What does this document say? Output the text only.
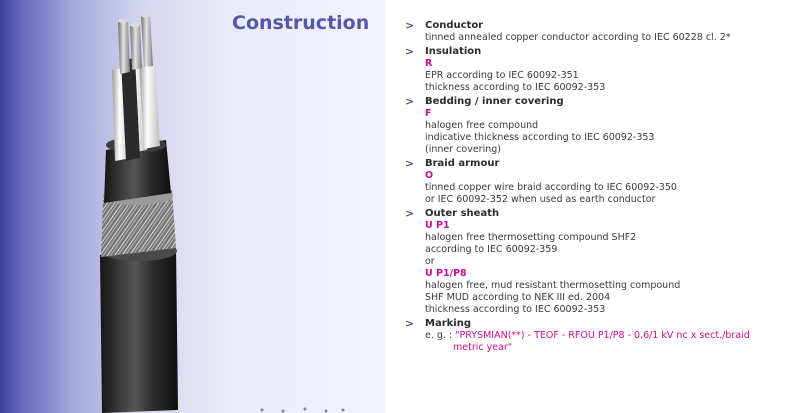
Construction	> Conductor
tinned annealed copper conductor according to IEC 60228 cl. 2*
> Insulation
R
EPR according to IEC 60092-351
thickness according to IEC 60092-353
> Bedding / inner covering
F
halogen free compound
indicative thickness according to IEC 60092-353
(inner covering)
> Braid armour
O
tinned copper wire braid according to IEC 60092-350
or IEC 60092-352 when used as earth conductor
> Outer sheath
U P1
halogen free thermosetting compound SHF2
according to IEC 60092-359
or
U P1/P8
halogen free, mud resistant thermosetting compound
SHF MUD according to NEK III ed. 2004
thickness according to IEC 60092-353
> Marking
e. g. : "PRYSMIAN(**) - TEOF - RFOU P1/P8 - 0,6/1 kV nc x sect./braid
metric year"
